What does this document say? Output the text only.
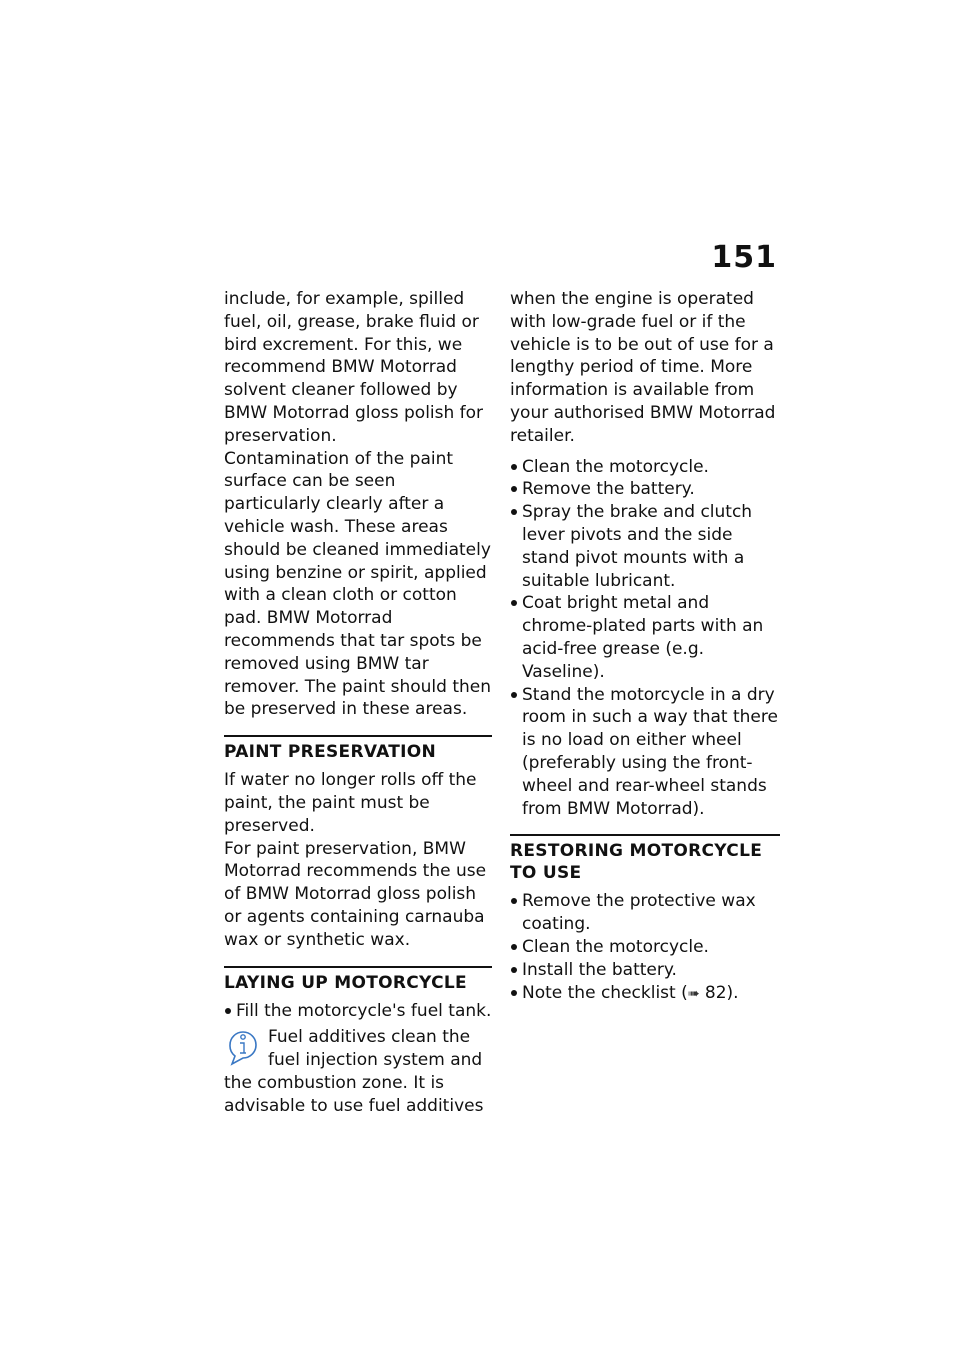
151

include, for example, spilled fuel, oil, grease, brake fluid or bird excrement. For this, we recommend BMW Motorrad solvent cleaner followed by BMW Motorrad gloss polish for preservation.

Contamination of the paint surface can be seen particularly clearly after a vehicle wash. These areas should be cleaned immediately using benzine or spirit, applied with a clean cloth or cotton pad. BMW Motorrad recommends that tar spots be removed using BMW tar remover. The paint should then be preserved in these areas.

PAINT PRESERVATION

If water no longer rolls off the paint, the paint must be preserved.

For paint preservation, BMW Motorrad recommends the use of BMW Motorrad gloss polish or agents containing carnauba wax or synthetic wax.

LAYING UP MOTORCYCLE
Fill the motorcycle's fuel tank.
Fuel additives clean the fuel injection system and the combustion zone. It is advisable to use fuel additives

when the engine is operated with low-grade fuel or if the vehicle is to be out of use for a lengthy period of time. More information is available from your authorised BMW Motorrad retailer.

Clean the motorcycle.
Remove the battery.
Spray the brake and clutch lever pivots and the side stand pivot mounts with a suitable lubricant.
Coat bright metal and chrome-plated parts with an acid-free grease (e.g. Vaseline).
Stand the motorcycle in a dry room in such a way that there is no load on either wheel (preferably using the front-wheel and rear-wheel stands from BMW Motorrad).
RESTORING MOTORCYCLE TO USE
Remove the protective wax coating.
Clean the motorcycle.
Install the battery.
Note the checklist (➠ 82).
